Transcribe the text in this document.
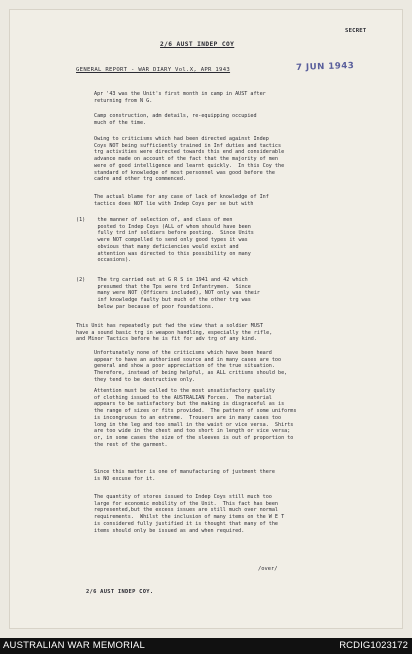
SECRET
2/6 AUST INDEP COY
GENERAL REPORT - WAR DIARY Vol.X, APR 1943	7 JUN 1943
Apr '43 was the Unit's first month in camp in AUST after
returning from N G.
Camp construction, adm details, re-equipping occupied
much of the time.
Owing to criticisms which had been directed against Indep
Coys NOT being sufficiently trained in Inf duties and tactics
trg activities were directed towards this end and considerable
advance made on account of the fact that the majority of men
were of good intelligence and learnt quickly.  In this Coy the
standard of knowledge of most personnel was good before the
cadre and other trg commenced.
The actual blame for any case of lack of knowledge of Inf
tactics does NOT lie with Indep Coys per se but with
(1)    the manner of selection of, and class of men
posted to Indep Coys (ALL of whom should have been
fully trd inf soldiers before posting.  Since Units
were NOT compelled to send only good types it was
obvious that many deficiencies would exist and
attention was directed to this possibility on many
occasions).
(2)    The trg carried out at G R S in 1941 and 42 which
presumed that the Tps were trd Infantrymen.  Since
many were NOT (Officers included), NOT only was their
inf knowledge faulty but much of the other trg was
below par because of poor foundations.
This Unit has repeatedly put fwd the view that a soldier MUST
have a sound basic trg in weapon handling, especially the rifle,
and Minor Tactics before he is fit for adv trg of any kind.
Unfortunately none of the criticisms which have been heard
appear to have an authorised source and in many cases are too
general and show a poor appreciation of the true situation.
Therefore, instead of being helpful, as ALL critisms should be,
they tend to be destructive only.
Attention must be called to the most unsatisfactory quality
of clothing issued to the AUSTRALIAN Forces.  The material
appears to be satisfactory but the making is disgraceful as is
the range of sizes or fits provided.  The pattern of some uniforms
is incongruous to an extreme.  Trousers are in many cases too
long in the leg and too small in the waist or vice versa.  Shirts
are too wide in the chest and too short in length or vice versa;
or, in some cases the size of the sleeves is out of proportion to
the rest of the garment.
Since this matter is one of manufacturing of justment there
is NO excuse for it.
The quantity of stores issued to Indep Coys still much too
large for economic mobility of the Unit.  This fact has been
represented,but the excess issues are still much over normal
requirements.  Whilst the inclusion of many items on the W E T
is considered fully justified it is thought that many of the
items should only be issued as and when required.
/over/
2/6 AUST INDEP COY.
AUSTRALIAN WAR MEMORIAL	RCDIG1023172
